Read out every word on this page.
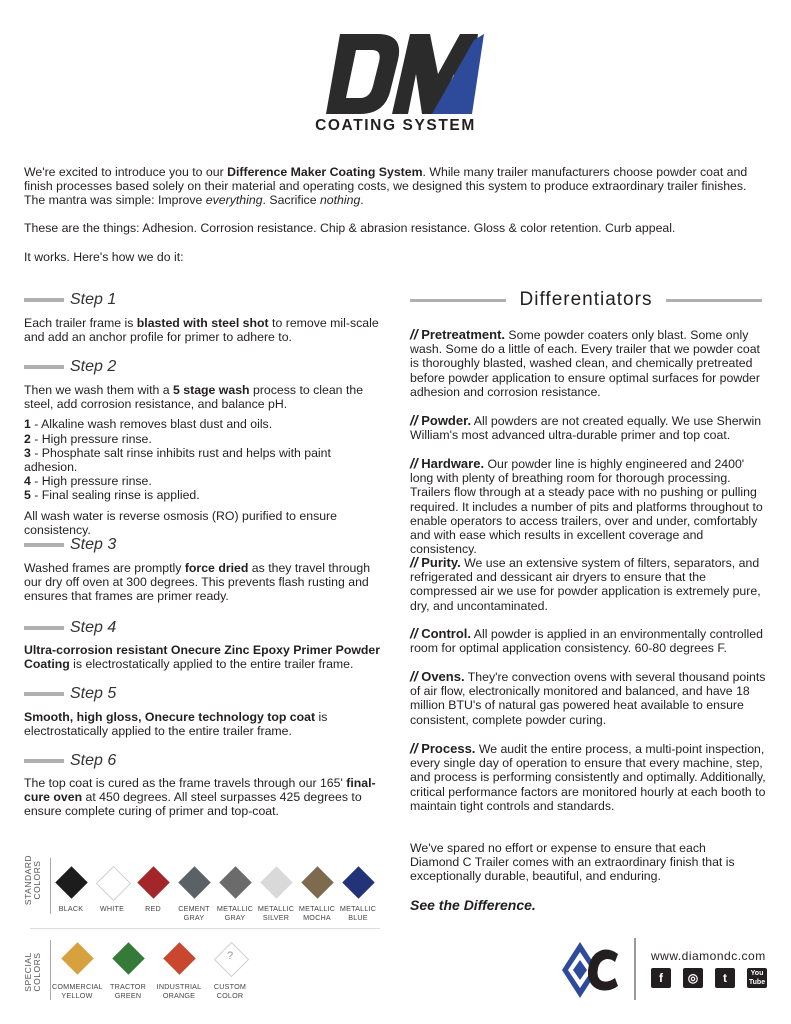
COATING SYSTEM

We're excited to introduce you to our Difference Maker Coating System. While many trailer manufacturers choose powder coat and finish processes based solely on their material and operating costs, we designed this system to produce extraordinary trailer finishes.

The mantra was simple: Improve everything. Sacrifice nothing.

These are the things: Adhesion. Corrosion resistance. Chip & abrasion resistance. Gloss & color retention. Curb appeal.
It works. Here's how we do it:
Step 1

Each trailer frame is blasted with steel shot to remove mil-scale and add an anchor profile for primer to adhere to.

Step 2

Then we wash them with a 5 stage wash process to clean the steel, add corrosion resistance, and balance pH.

1 - Alkaline wash removes blast dust and oils.

2 - High pressure rinse.

3 - Phosphate salt rinse inhibits rust and helps with paint adhesion.

4 - High pressure rinse.

5 - Final sealing rinse is applied.

All wash water is reverse osmosis (RO) purified to ensure consistency.

Step 3

Washed frames are promptly force dried as they travel through our dry off oven at 300 degrees. This prevents flash rusting and ensures that frames are primer ready.

Step 4

Ultra-corrosion resistant Onecure Zinc Epoxy Primer Powder Coating is electrostatically applied to the entire trailer frame.

Step 5

Smooth, high gloss, Onecure technology top coat is electrostatically applied to the entire trailer frame.

Step 6

The top coat is cured as the frame travels through our 165' final-cure oven at 450 degrees. All steel surpasses 425 degrees to ensure complete curing of primer and top-coat.

Differentiators
// Pretreatment. Some powder coaters only blast. Some only wash. Some do a little of each. Every trailer that we powder coat is thoroughly blasted, washed clean, and chemically pretreated before powder application to ensure optimal surfaces for powder adhesion and corrosion resistance.
// Powder. All powders are not created equally. We use Sherwin William's most advanced ultra-durable primer and top coat.
// Hardware. Our powder line is highly engineered and 2400' long with plenty of breathing room for thorough processing. Trailers flow through at a steady pace with no pushing or pulling required. It includes a number of pits and platforms throughout to enable operators to access trailers, over and under, comfortably and with ease which results in excellent coverage and consistency.
// Purity. We use an extensive system of filters, separators, and refrigerated and dessicant air dryers to ensure that the compressed air we use for powder application is extremely pure, dry, and uncontaminated.
// Control. All powder is applied in an environmentally controlled room for optimal application consistency. 60-80 degrees F.
// Ovens. They're convection ovens with several thousand points of air flow, electronically monitored and balanced, and have 18 million BTU's of natural gas powered heat available to ensure consistent, complete powder curing.
// Process. We audit the entire process, a multi-point inspection, every single day of operation to ensure that every machine, step, and process is performing consistently and optimally. Additionally, critical performance factors are monitored hourly at each booth to maintain tight controls and standards.
We've spared no effort or expense to ensure that each Diamond C Trailer comes with an extraordinary finish that is exceptionally durable, beautiful, and enduring.
See the Difference.
STANDARD COLORS
SPECIAL COLORS
BLACK	WHITE	RED	CEMENT GRAY
METALLIC GRAY
METALLIC SILVER
METALLIC MOCHA
METALLIC BLUE
COMMERCIAL YELLOW
TRACTOR GREEN
INDUSTRIAL ORANGE
?
CUSTOM COLOR
www.diamondc.com
f	◎	t	You
Tube
